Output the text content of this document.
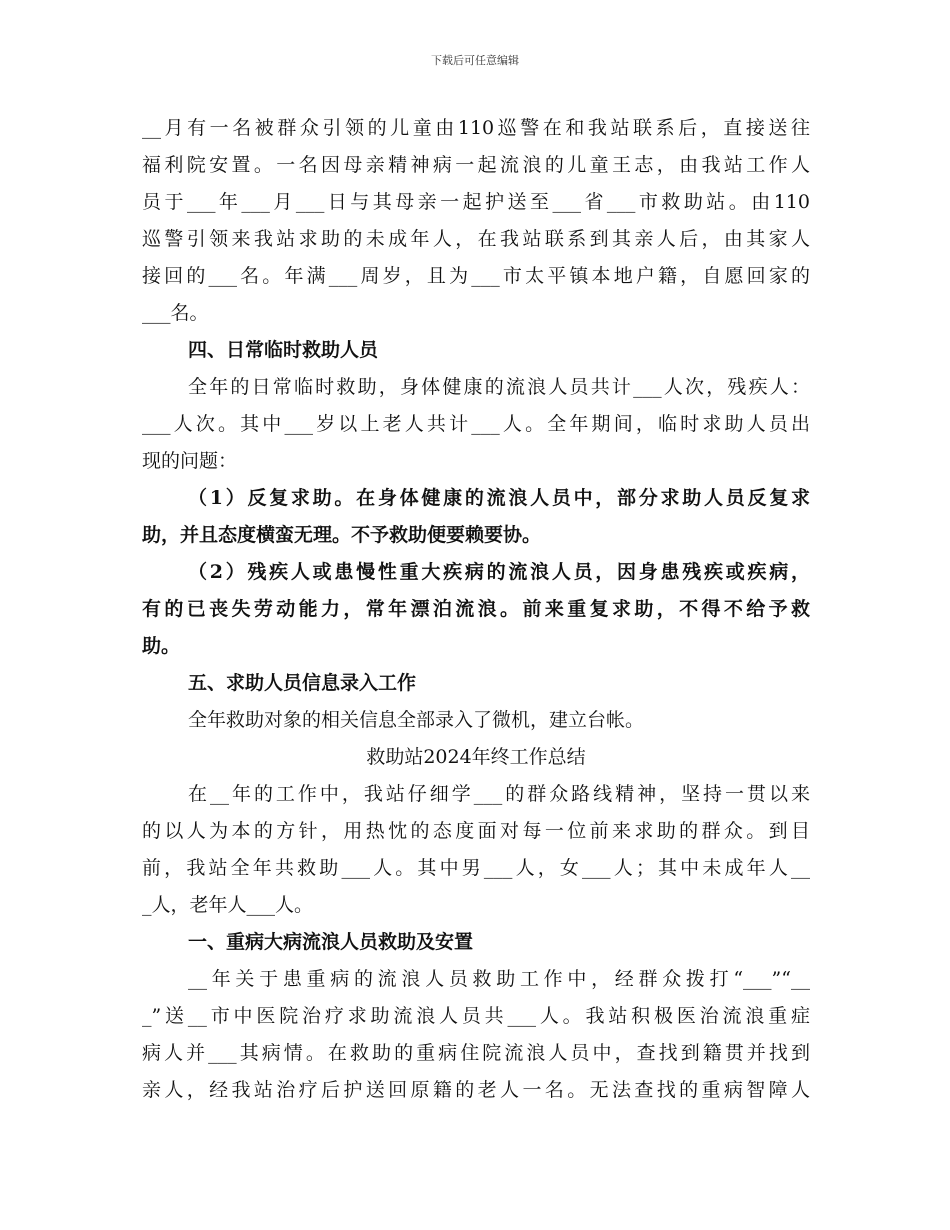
下载后可任意编辑
__月有一名被群众引领的儿童由110巡警在和我站联系后，直接送往
福利院安置。一名因母亲精神病一起流浪的儿童王志，由我站工作人
员于___年___月___日与其母亲一起护送至___省___市救助站。由110
巡警引领来我站求助的未成年人，在我站联系到其亲人后，由其家人
接回的___名。年满___周岁，且为___市太平镇本地户籍，自愿回家的
___名。
四、日常临时救助人员
全年的日常临时救助，身体健康的流浪人员共计___人次，残疾人：
___人次。其中___岁以上老人共计___人。全年期间，临时求助人员出
现的问题：
（1）反复求助。在身体健康的流浪人员中，部分求助人员反复求
助，并且态度横蛮无理。不予救助便要赖要协。
（2）残疾人或患慢性重大疾病的流浪人员，因身患残疾或疾病，
有的已丧失劳动能力，常年漂泊流浪。前来重复求助，不得不给予救
助。
五、求助人员信息录入工作
全年救助对象的相关信息全部录入了微机，建立台帐。
救助站2024年终工作总结
在__年的工作中，我站仔细学___的群众路线精神，坚持一贯以来
的以人为本的方针，用热忱的态度面对每一位前来求助的群众。到目
前，我站全年共救助___人。其中男___人，女___人；其中未成年人__
_人，老年人___人。
一、重病大病流浪人员救助及安置
__年关于患重病的流浪人员救助工作中，经群众拨打“___”“__
_”送__市中医院治疗求助流浪人员共___人。我站积极医治流浪重症
病人并___其病情。在救助的重病住院流浪人员中，查找到籍贯并找到
亲人，经我站治疗后护送回原籍的老人一名。无法查找的重病智障人
